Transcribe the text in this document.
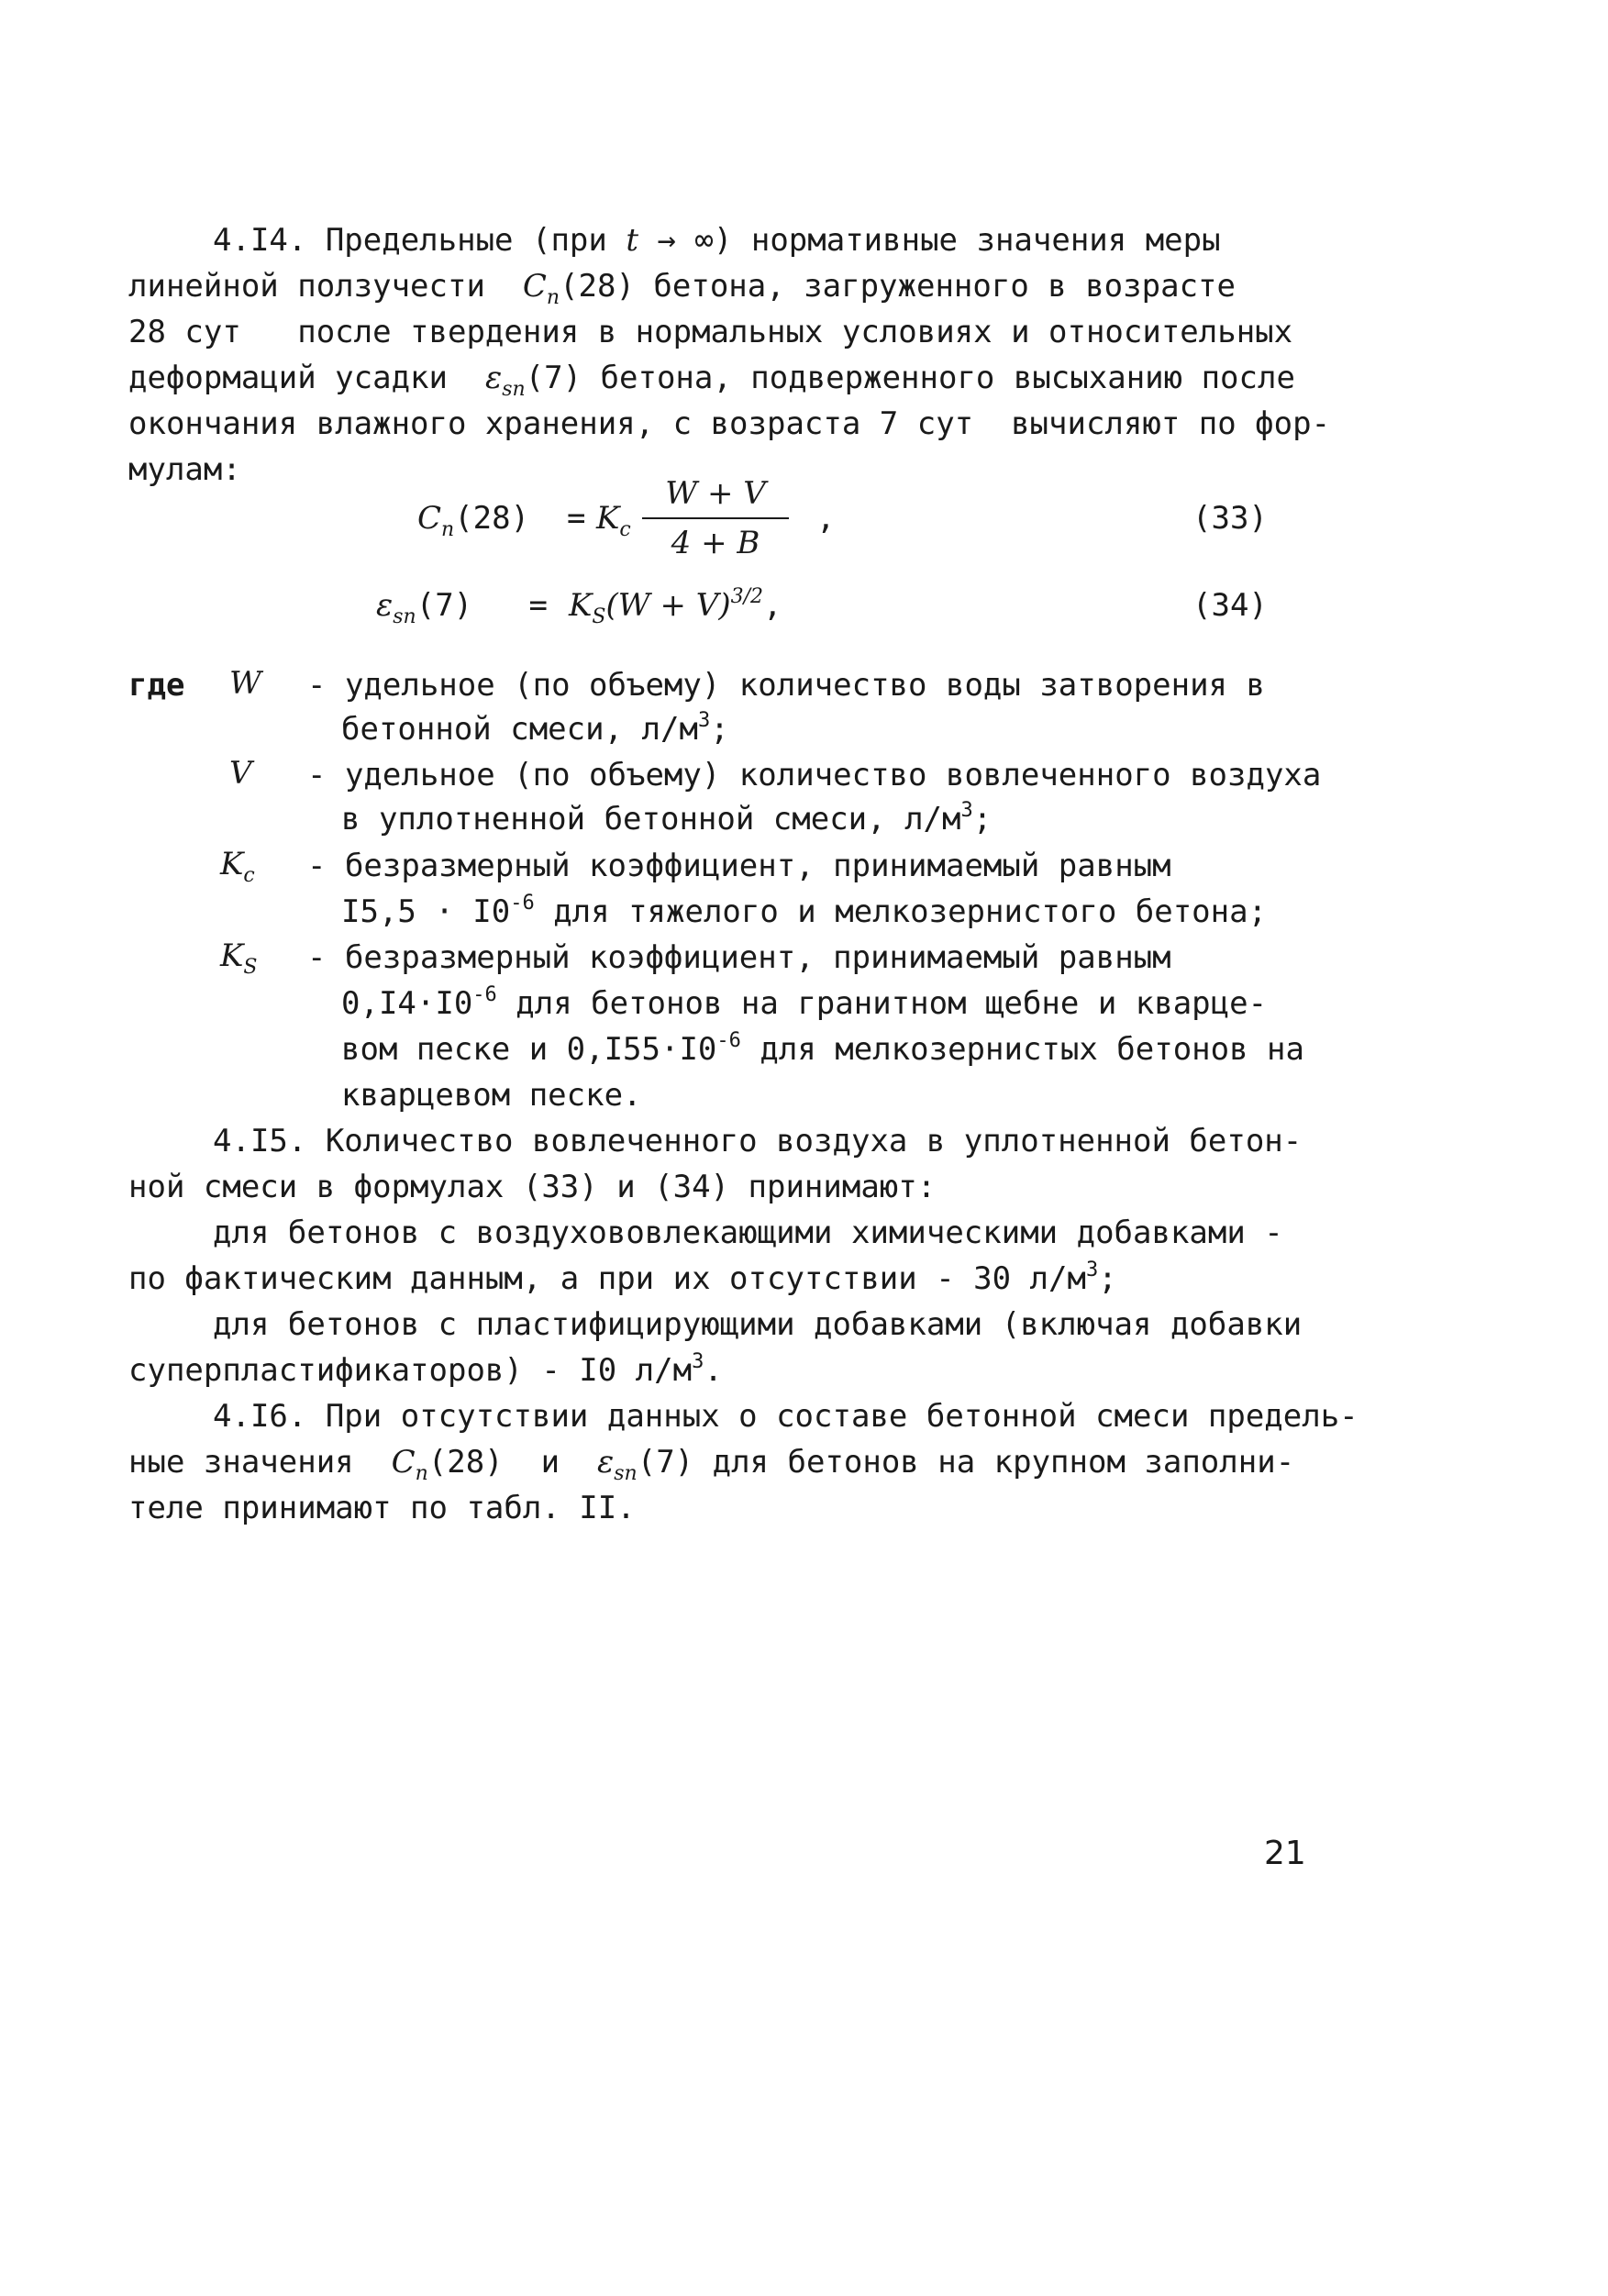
4.I4. Предельные (при t → ∞) нормативные значения меры
линейной ползучести  $C_n(28)$ бетона, загруженного в возрасте
28 сут   после твердения в нормальных условиях и относительных
деформаций усадки  $\varepsilon_{sn}(7)$ бетона, подверженного высыханию после
окончания влажного хранения, с возраста 7 сут  вычисляют по фор-
мулам:
$C_n(28) = K_c$
W + V
4 + B
,	(33)
$\varepsilon_{sn}(7) = K_S(W + V)^{3/2}$,	(34)
где W - удельное (по объему) количество воды затворения в
бетонной смеси, $л/м^3$;
V - удельное (по объему) количество вовлеченного воздуха
в уплотненной бетонной смеси, $л/м^3$;
$K_c$ - безразмерный коэффициент, принимаемый равным
$I5,5 \cdot I0^{-6}$ для тяжелого и мелкозернистого бетона;
$K_S$ - безразмерный коэффициент, принимаемый равным
$0,I4\cdot I0^{-6}$ для бетонов на гранитном щебне и кварце-
вом песке и $0,I55\cdot I0^{-6}$ для мелкозернистых бетонов на
кварцевом песке.
4.I5. Количество вовлеченного воздуха в уплотненной бетон-
ной смеси в формулах (33) и (34) принимают:
для бетонов с воздухововлекающими химическими добавками -
по фактическим данным, а при их отсутствии - 30 $л/м^3$;
для бетонов с пластифицирующими добавками (включая добавки
суперпластификаторов) - I0 $л/м^3$.
4.I6. При отсутствии данных о составе бетонной смеси предель-
ные значения  $C_n(28)$  и  $\varepsilon_{sn}(7)$ для бетонов на крупном заполни-
теле принимают по табл. II.
21
